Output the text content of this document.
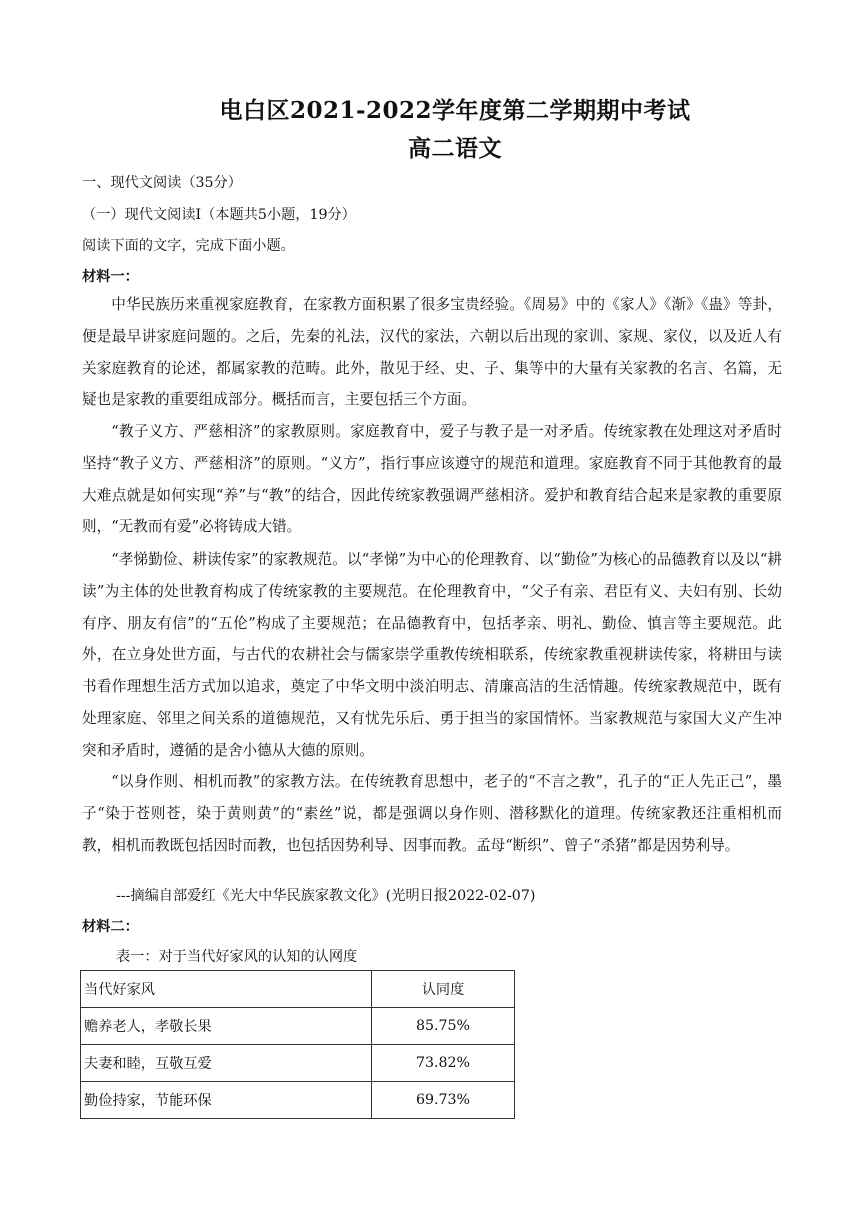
电白区2021-2022学年度第二学期期中考试
高二语文
一、现代文阅读（35分）
（一）现代文阅读Ⅰ（本题共5小题，19分）
阅读下面的文字，完成下面小题。
材料一：
中华民族历来重视家庭教育，在家教方面积累了很多宝贵经验。《周易》中的《家人》《渐》《蛊》等卦，便是最早讲家庭问题的。之后，先秦的礼法，汉代的家法，六朝以后出现的家训、家规、家仪，以及近人有关家庭教育的论述，都属家教的范畴。此外，散见于经、史、子、集等中的大量有关家教的名言、名篇，无疑也是家教的重要组成部分。概括而言，主要包括三个方面。
“教子义方、严慈相济”的家教原则。家庭教育中，爱子与教子是一对矛盾。传统家教在处理这对矛盾时坚持“教子义方、严慈相济”的原则。“义方”，指行事应该遵守的规范和道理。家庭教育不同于其他教育的最大难点就是如何实现“养”与“教”的结合，因此传统家教强调严慈相济。爱护和教育结合起来是家教的重要原则，“无教而有爱”必将铸成大错。
“孝悌勤俭、耕读传家”的家教规范。以“孝悌”为中心的伦理教育、以“勤俭”为核心的品德教育以及以“耕读”为主体的处世教育构成了传统家教的主要规范。在伦理教育中，“父子有亲、君臣有义、夫妇有别、长幼有序、朋友有信”的“五伦”构成了主要规范；在品德教育中，包括孝亲、明礼、勤俭、慎言等主要规范。此外，在立身处世方面，与古代的农耕社会与儒家崇学重教传统相联系，传统家教重视耕读传家，将耕田与读书看作理想生活方式加以追求，奠定了中华文明中淡泊明志、清廉高洁的生活情趣。传统家教规范中，既有处理家庭、邻里之间关系的道德规范，又有忧先乐后、勇于担当的家国情怀。当家教规范与家国大义产生冲突和矛盾时，遵循的是舍小德从大德的原则。
“以身作则、相机而教”的家教方法。在传统教育思想中，老子的“不言之教”，孔子的“正人先正己”，墨子“染于苍则苍，染于黄则黄”的“素丝”说，都是强调以身作则、潜移默化的道理。传统家教还注重相机而教，相机而教既包括因时而教，也包括因势利导、因事而教。孟母“断织”、曾子“杀猪”都是因势利导。
---摘编自部爱红《光大中华民族家教文化》(光明日报2022-02-07)
材料二：
表一：对于当代好家风的认知的认网度
当代好家风	认同度
赡养老人，孝敬长果	85.75%
夫妻和睦，互敬互爱	73.82%
勤俭持家，节能环保	69.73%
